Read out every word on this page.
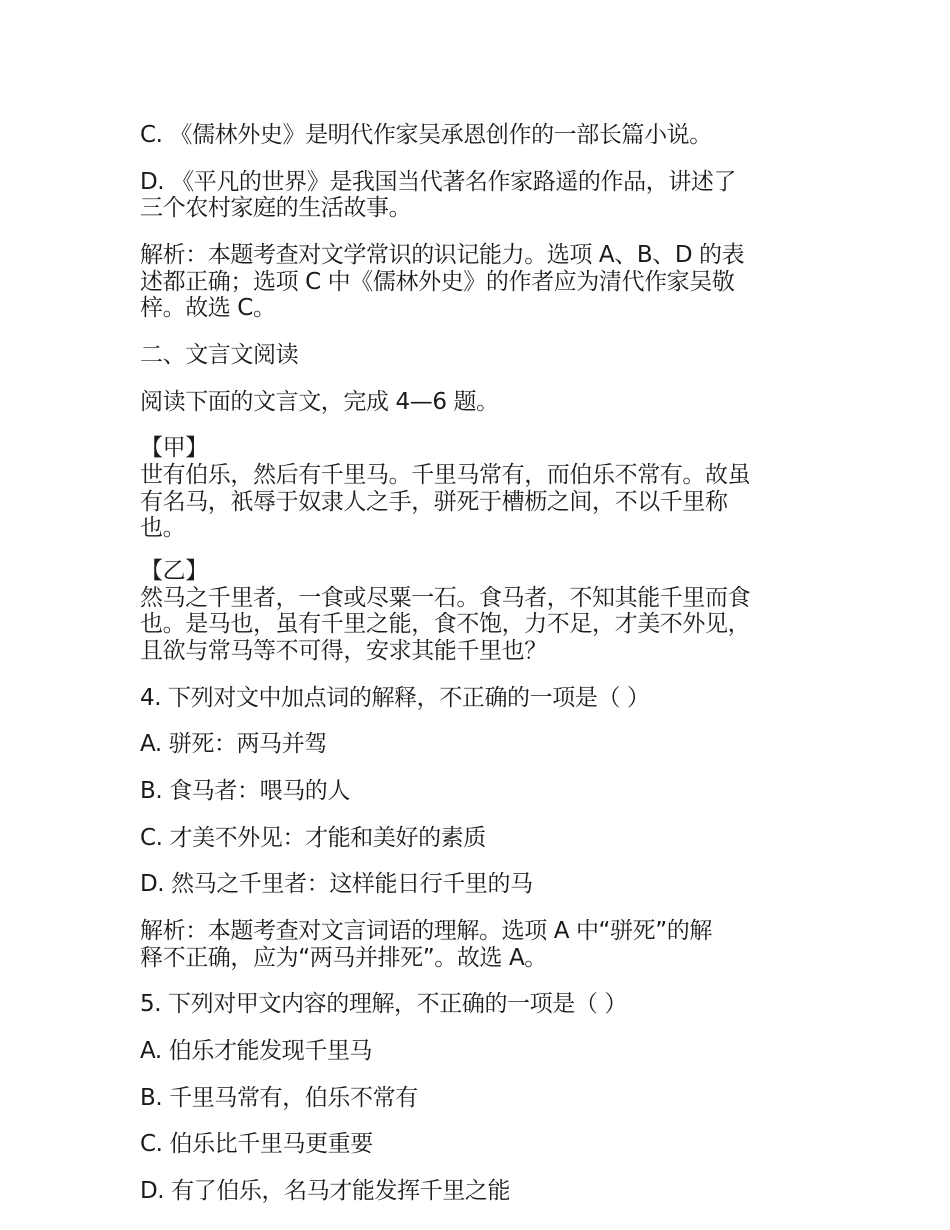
C. 《儒林外史》是明代作家吴承恩创作的一部长篇小说。

D. 《平凡的世界》是我国当代著名作家路遥的作品，讲述了
三个农村家庭的生活故事。

解析：本题考查对文学常识的识记能力。选项 A、B、D 的表
述都正确；选项 C 中《儒林外史》的作者应为清代作家吴敬
梓。故选 C。

二、文言文阅读

阅读下面的文言文，完成 4—6 题。

【甲】
世有伯乐，然后有千里马。千里马常有，而伯乐不常有。故虽
有名马，祇辱于奴隶人之手，骈死于槽枥之间，不以千里称
也。

【乙】
然马之千里者，一食或尽粟一石。食马者，不知其能千里而食
也。是马也，虽有千里之能，食不饱，力不足，才美不外见，
且欲与常马等不可得，安求其能千里也？

4. 下列对文中加点词的解释，不正确的一项是（ ）

A. 骈死：两马并驾

B. 食马者：喂马的人

C. 才美不外见：才能和美好的素质

D. 然马之千里者：这样能日行千里的马

解析：本题考查对文言词语的理解。选项 A 中“骈死”的解
释不正确，应为“两马并排死”。故选 A。

5. 下列对甲文内容的理解，不正确的一项是（ ）

A. 伯乐才能发现千里马

B. 千里马常有，伯乐不常有

C. 伯乐比千里马更重要

D. 有了伯乐，名马才能发挥千里之能
